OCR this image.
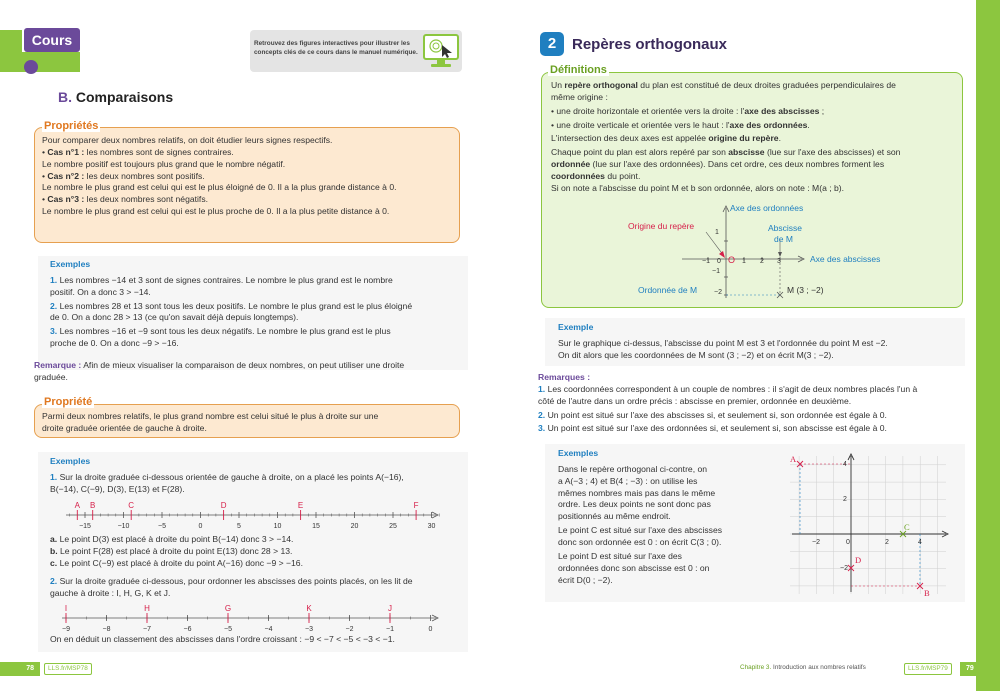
Cours	Retrouvez des figures interactives pour illustrer les concepts clés de ce cours dans le manuel numérique.
B. Comparaisons
Propriétés
Pour comparer deux nombres relatifs, on doit étudier leurs signes respectifs.
• Cas n°1 : les nombres sont de signes contraires.
Le nombre positif est toujours plus grand que le nombre négatif.
• Cas n°2 : les deux nombres sont positifs.
Le nombre le plus grand est celui qui est le plus éloigné de 0. Il a la plus grande distance à 0.
• Cas n°3 : les deux nombres sont négatifs.
Le nombre le plus grand est celui qui est le plus proche de 0. Il a la plus petite distance à 0.
Exemples
1. Les nombres −14 et 3 sont de signes contraires. Le nombre le plus grand est le nombre
positif. On a donc 3 > −14.
2. Les nombres 28 et 13 sont tous les deux positifs. Le nombre le plus grand est le plus éloigné
de 0. On a donc 28 > 13 (ce qu'on savait déjà depuis longtemps).
3. Les nombres −16 et −9 sont tous les deux négatifs. Le nombre le plus grand est le plus
proche de 0. On a donc −9 > −16.
Remarque : Afin de mieux visualiser la comparaison de deux nombres, on peut utiliser une droite
graduée.
Propriété
Parmi deux nombres relatifs, le plus grand nombre est celui situé le plus à droite sur une
droite graduée orientée de gauche à droite.
Exemples
1. Sur la droite graduée ci-dessous orientée de gauche à droite, on a placé les points A(−16),
B(−14), C(−9), D(3), E(13) et F(28).
−15	−10	−5	0	5	10	15	20	25	30
A B	C	D	E	F
a. Le point D(3) est placé à droite du point B(−14) donc 3 > −14.
b. Le point F(28) est placé à droite du point E(13) donc 28 > 13.
c. Le point C(−9) est placé à droite du point A(−16) donc −9 > −16.
2. Sur la droite graduée ci-dessous, pour ordonner les abscisses des points placés, on les lit de
gauche à droite : I, H, G, K et J.
−9	−8	−7	−6	−5	−4	−3	−2	−1	0
I	H	G	K	J
On en déduit un classement des abscisses dans l'ordre croissant : −9 < −7 < −5 < −3 < −1.
78	LLS.fr/MSP78
2	Repères orthogonaux
Définitions
Un repère orthogonal du plan est constitué de deux droites graduées perpendiculaires de
même origine :
• une droite horizontale et orientée vers la droite : l'axe des abscisses ;
• une droite verticale et orientée vers le haut : l'axe des ordonnées.
L'intersection des deux axes est appelée origine du repère.
Chaque point du plan est alors repéré par son abscisse (lue sur l'axe des abscisses) et son
ordonnée (lue sur l'axe des ordonnées). Dans cet ordre, ces deux nombres forment les
coordonnées du point.
Si on note a l'abscisse du point M et b son ordonnée, alors on note : M(a ; b).
Axe des ordonnées
Axe des abscisses
Origine du repère	Abscisse
de M
Ordonnée de M	M (3 ; −2)
O
−1 0	1 2 3
1
−1
−2
Exemple
Sur le graphique ci-dessus, l'abscisse du point M est 3 et l'ordonnée du point M est −2.
On dit alors que les coordonnées de M sont (3 ; −2) et on écrit M(3 ; −2).
Remarques :
1. Les coordonnées correspondent à un couple de nombres : il s'agit de deux nombres placés l'un à
côté de l'autre dans un ordre précis : abscisse en premier, ordonnée en deuxième.
2. Un point est situé sur l'axe des abscisses si, et seulement si, son ordonnée est égale à 0.
3. Un point est situé sur l'axe des ordonnées si, et seulement si, son abscisse est égale à 0.
Exemples
Dans le repère orthogonal ci-contre, on
a A(−3 ; 4) et B(4 ; −3) : on utilise les
mêmes nombres mais pas dans le même
ordre. Les deux points ne sont donc pas
positionnés au même endroit.
Le point C est situé sur l'axe des abscisses
donc son ordonnée est 0 : on écrit C(3 ; 0).
Le point D est situé sur l'axe des
ordonnées donc son abscisse est 0 : on
écrit D(0 ; −2).
A
B
C
D
−2	0	2	4
4
2
−2
Chapitre 3. Introduction aux nombres relatifs	LLS.fr/MSP79	79
